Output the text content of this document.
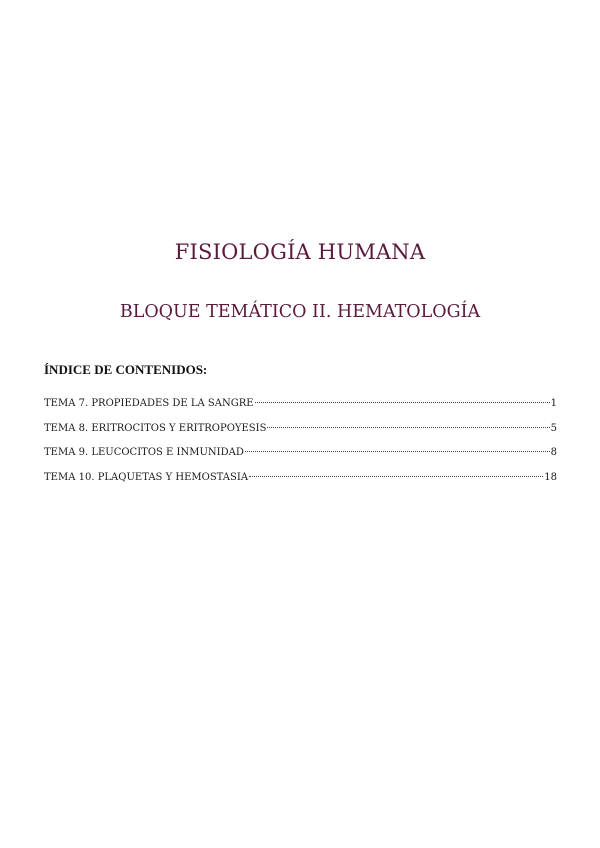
FISIOLOGÍA HUMANA
BLOQUE TEMÁTICO II. HEMATOLOGÍA
ÍNDICE DE CONTENIDOS:
TEMA 7. PROPIEDADES DE LA SANGRE	1
TEMA 8. ERITROCITOS Y ERITROPOYESIS	5
TEMA 9. LEUCOCITOS E INMUNIDAD	8
TEMA 10. PLAQUETAS Y HEMOSTASIA	18
